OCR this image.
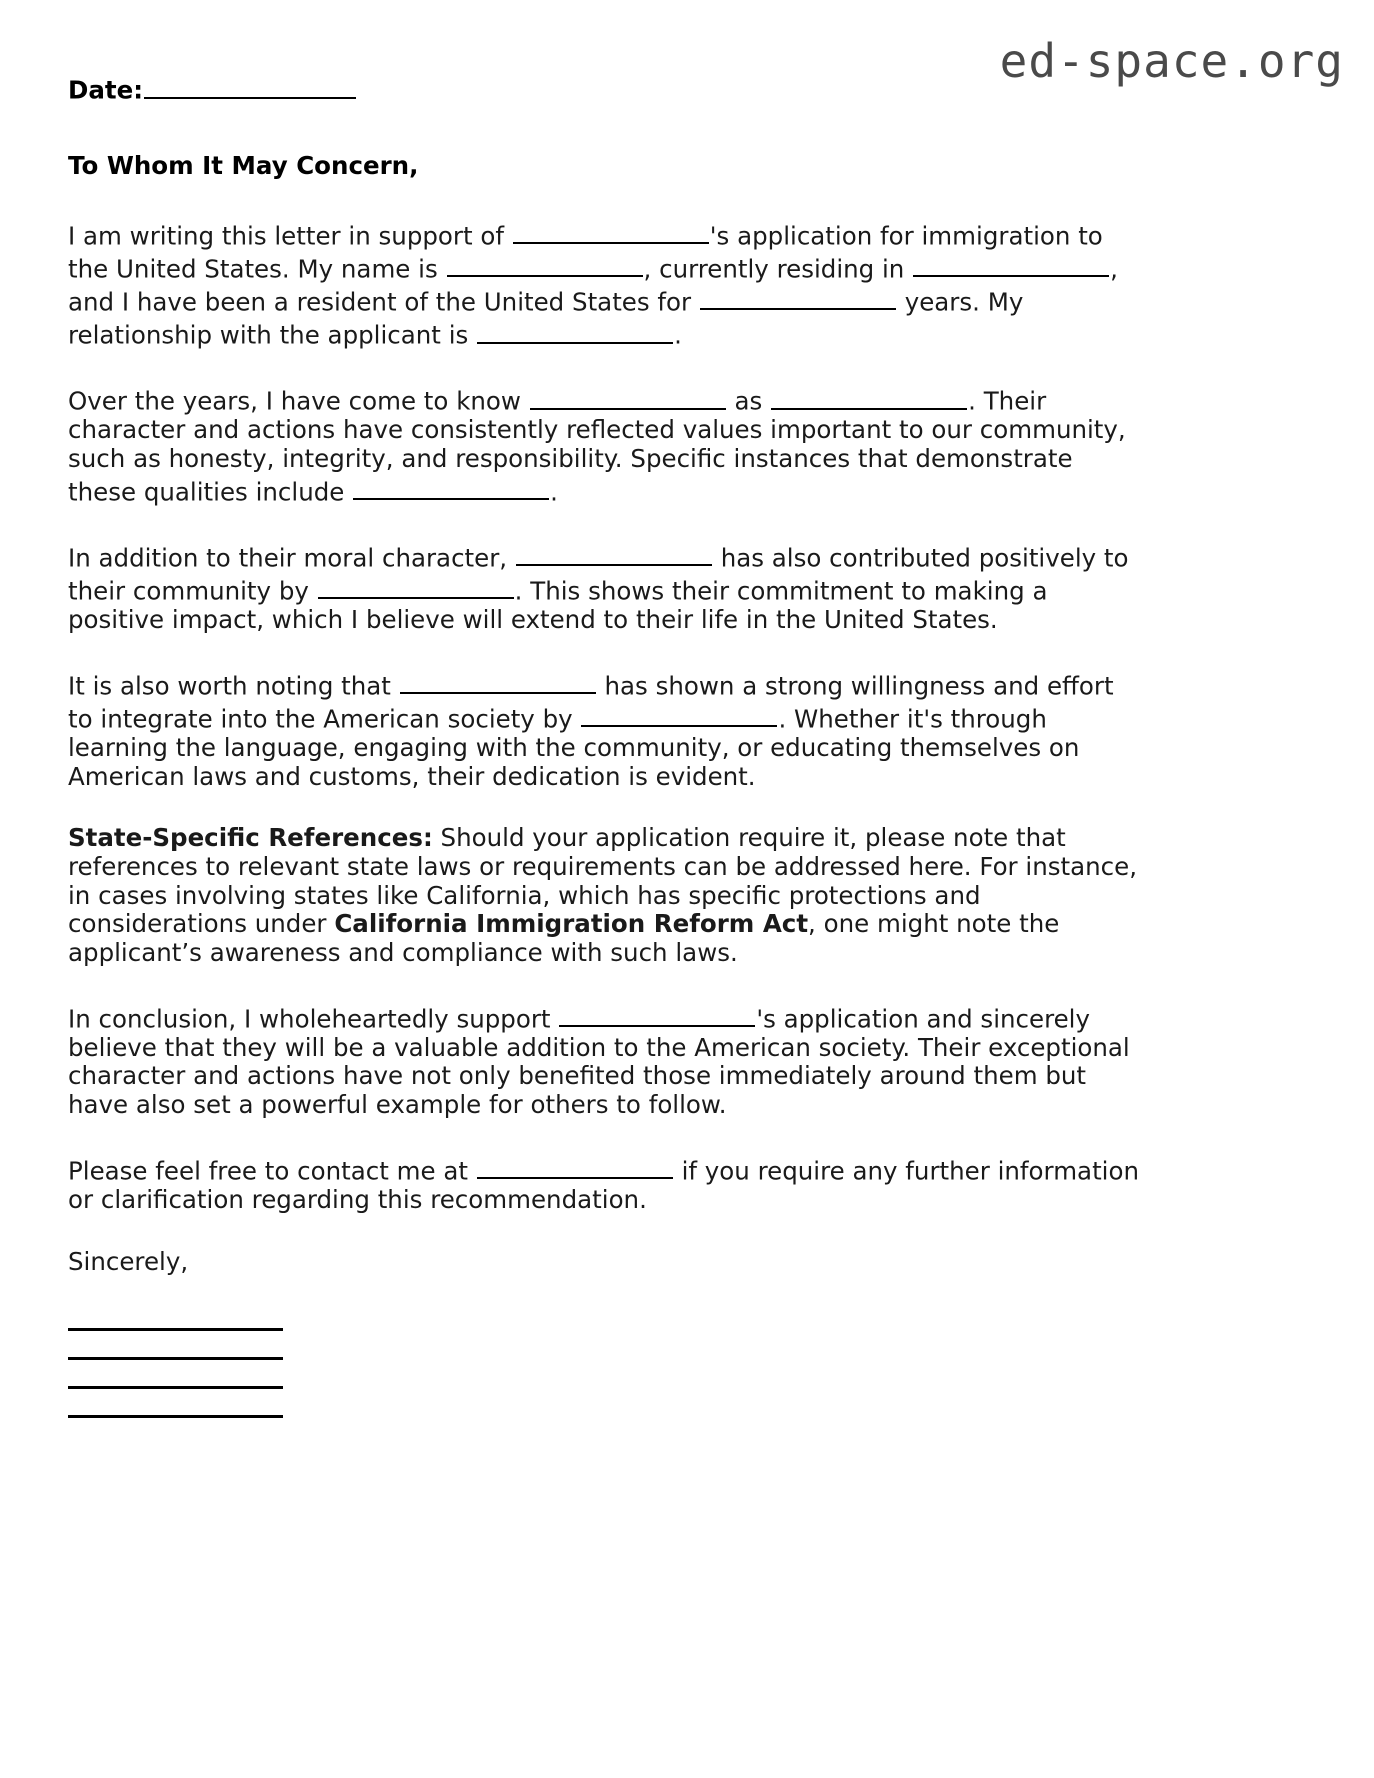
ed-space.org
Date:
To Whom It May Concern,

I am writing this letter in support of	's application for immigration to the United States. My name is	, currently residing in	, and I have been a resident of the United States for	years. My relationship with the applicant is	.

Over the years, I have come to know	as	. Their character and actions have consistently reflected values important to our community, such as honesty, integrity, and responsibility. Specific instances that demonstrate these qualities include	.

In addition to their moral character,	has also contributed positively to their community by	. This shows their commitment to making a positive impact, which I believe will extend to their life in the United States.

It is also worth noting that	has shown a strong willingness and effort to integrate into the American society by	. Whether it's through learning the language, engaging with the community, or educating themselves on American laws and customs, their dedication is evident.

State-Specific References: Should your application require it, please note that references to relevant state laws or requirements can be addressed here. For instance, in cases involving states like California, which has specific protections and considerations under California Immigration Reform Act, one might note the applicant’s awareness and compliance with such laws.

In conclusion, I wholeheartedly support	's application and sincerely believe that they will be a valuable addition to the American society. Their exceptional character and actions have not only benefited those immediately around them but have also set a powerful example for others to follow.

Please feel free to contact me at	if you require any further information or clarification regarding this recommendation.

Sincerely,
